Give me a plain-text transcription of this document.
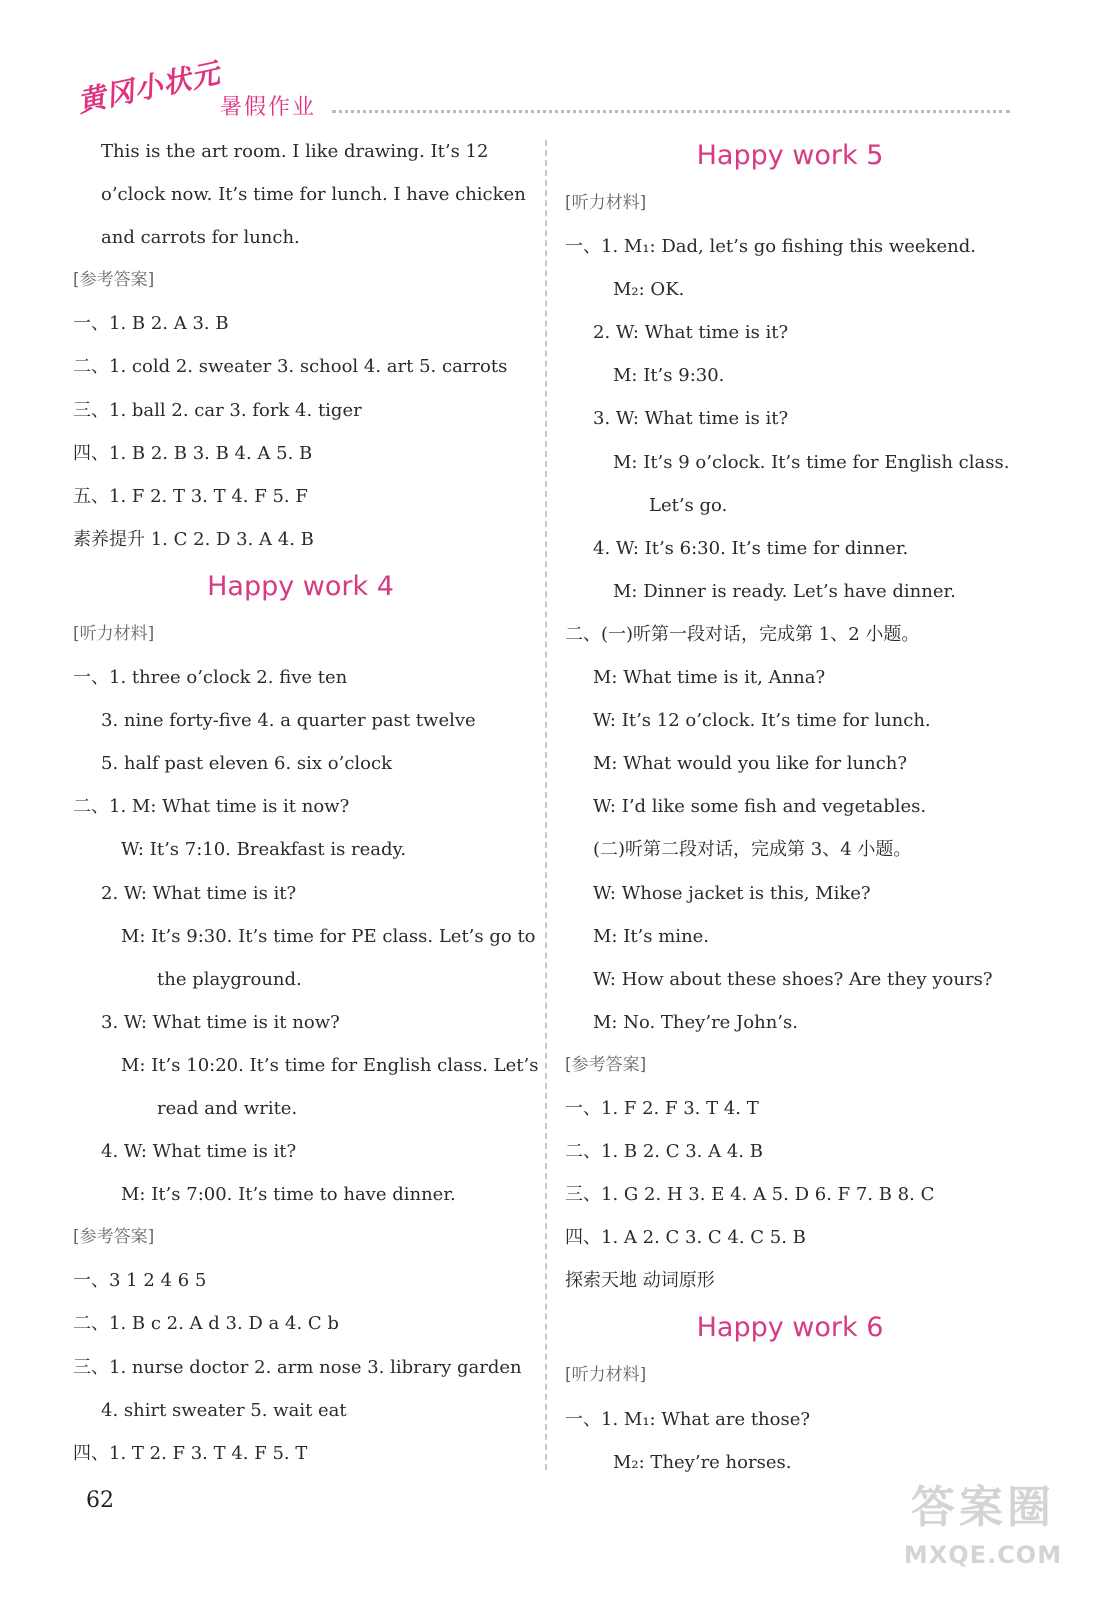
黄冈小状元
暑假作业
This is the art room. I like drawing. It’s 12
o’clock now. It’s time for lunch. I have chicken
and carrots for lunch.
[参考答案]
一、1. B 2. A 3. B
二、1. cold 2. sweater 3. school 4. art 5. carrots
三、1. ball 2. car 3. fork 4. tiger
四、1. B 2. B 3. B 4. A 5. B
五、1. F 2. T 3. T 4. F 5. F
素养提升 1. C 2. D 3. A 4. B
Happy work 4
[听力材料]
一、1. three o’clock 2. five ten
3. nine forty-five 4. a quarter past twelve
5. half past eleven 6. six o’clock
二、1. M: What time is it now?
W: It’s 7:10. Breakfast is ready.
2. W: What time is it?
M: It’s 9:30. It’s time for PE class. Let’s go to
the playground.
3. W: What time is it now?
M: It’s 10:20. It’s time for English class. Let’s
read and write.
4. W: What time is it?
M: It’s 7:00. It’s time to have dinner.
[参考答案]
一、3 1 2 4 6 5
二、1. B c 2. A d 3. D a 4. C b
三、1. nurse doctor 2. arm nose 3. library garden
4. shirt sweater 5. wait eat
四、1. T 2. F 3. T 4. F 5. T
Happy work 5
[听力材料]
一、1. M₁: Dad, let’s go fishing this weekend.
M₂: OK.
2. W: What time is it?
M: It’s 9:30.
3. W: What time is it?
M: It’s 9 o’clock. It’s time for English class.
Let’s go.
4. W: It’s 6:30. It’s time for dinner.
M: Dinner is ready. Let’s have dinner.
二、(一)听第一段对话，完成第 1、2 小题。
M: What time is it, Anna?
W: It’s 12 o’clock. It’s time for lunch.
M: What would you like for lunch?
W: I’d like some fish and vegetables.
(二)听第二段对话，完成第 3、4 小题。
W: Whose jacket is this, Mike?
M: It’s mine.
W: How about these shoes? Are they yours?
M: No. They’re John’s.
[参考答案]
一、1. F 2. F 3. T 4. T
二、1. B 2. C 3. A 4. B
三、1. G 2. H 3. E 4. A 5. D 6. F 7. B 8. C
四、1. A 2. C 3. C 4. C 5. B
探索天地 动词原形
Happy work 6
[听力材料]
一、1. M₁: What are those?
M₂: They’re horses.
62	答案圈
MXQE.COM
